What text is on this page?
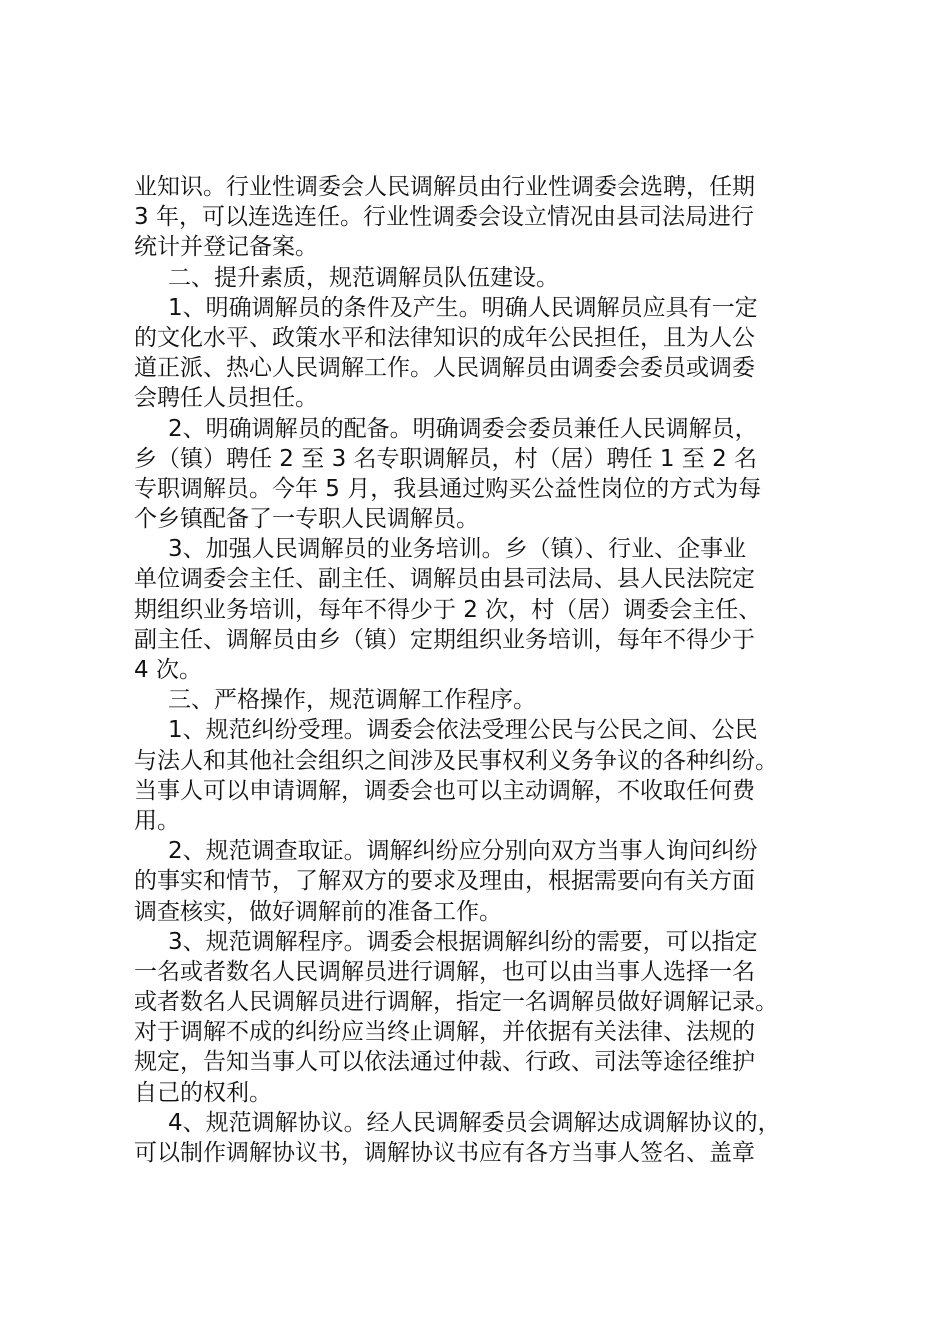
业知识。行业性调委会人民调解员由行业性调委会选聘，任期
3 年，可以连选连任。行业性调委会设立情况由县司法局进行
统计并登记备案。
二、提升素质，规范调解员队伍建设。
1、明确调解员的条件及产生。明确人民调解员应具有一定
的文化水平、政策水平和法律知识的成年公民担任，且为人公
道正派、热心人民调解工作。人民调解员由调委会委员或调委
会聘任人员担任。
2、明确调解员的配备。明确调委会委员兼任人民调解员，
乡（镇）聘任 2 至 3 名专职调解员，村（居）聘任 1 至 2 名
专职调解员。今年 5 月，我县通过购买公益性岗位的方式为每
个乡镇配备了一专职人民调解员。
3、加强人民调解员的业务培训。乡（镇）、行业、企事业
单位调委会主任、副主任、调解员由县司法局、县人民法院定
期组织业务培训，每年不得少于 2 次，村（居）调委会主任、
副主任、调解员由乡（镇）定期组织业务培训，每年不得少于
4 次。
三、严格操作，规范调解工作程序。
1、规范纠纷受理。调委会依法受理公民与公民之间、公民
与法人和其他社会组织之间涉及民事权利义务争议的各种纠纷。
当事人可以申请调解，调委会也可以主动调解，不收取任何费
用。
2、规范调查取证。调解纠纷应分别向双方当事人询问纠纷
的事实和情节，了解双方的要求及理由，根据需要向有关方面
调查核实，做好调解前的准备工作。
3、规范调解程序。调委会根据调解纠纷的需要，可以指定
一名或者数名人民调解员进行调解，也可以由当事人选择一名
或者数名人民调解员进行调解，指定一名调解员做好调解记录。
对于调解不成的纠纷应当终止调解，并依据有关法律、法规的
规定，告知当事人可以依法通过仲裁、行政、司法等途径维护
自己的权利。
4、规范调解协议。经人民调解委员会调解达成调解协议的，
可以制作调解协议书，调解协议书应有各方当事人签名、盖章
